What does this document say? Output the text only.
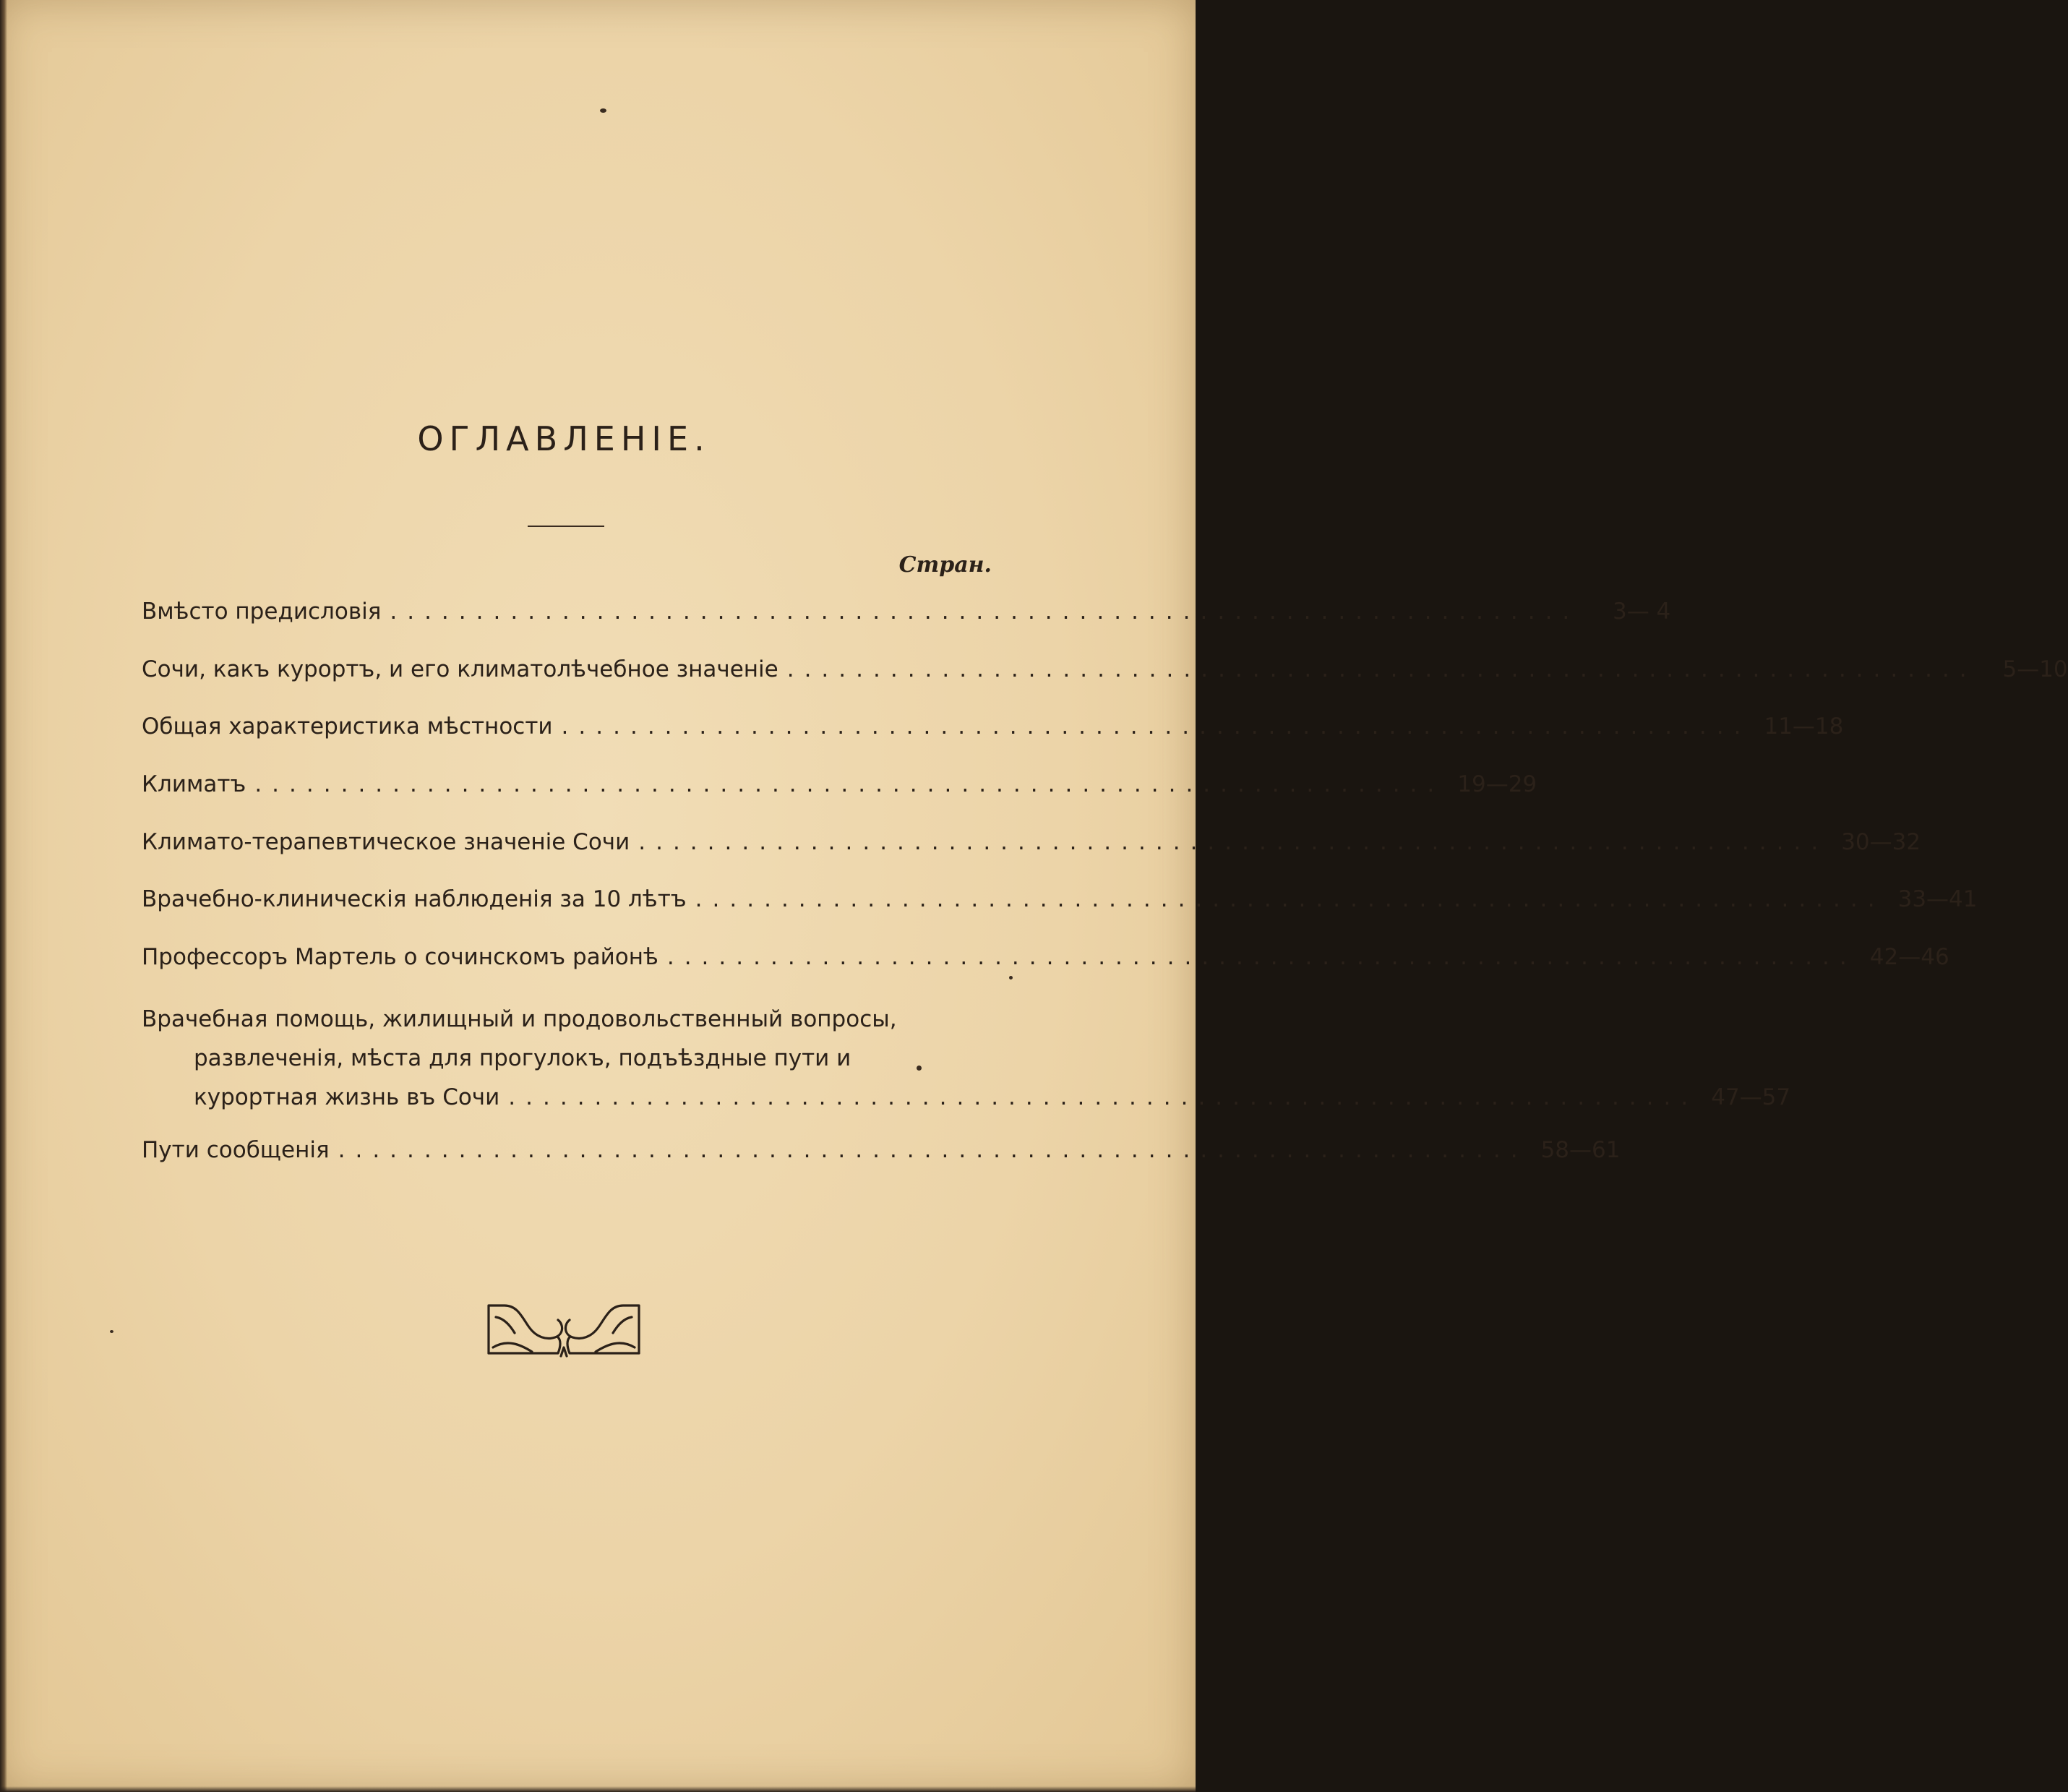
ОГЛАВЛЕНІЕ.
Стран.
Вмѣсто предисловія .....................................................................	3— 4
Сочи, какъ курортъ, и его климатолѣчебное значеніе .....................................................................	5—10
Общая характеристика мѣстности ..................................................................... 11—18
Климатъ ..................................................................... 19—29
Климато-терапевтическое значеніе Сочи ..................................................................... 30—32
Врачебно-клиническія наблюденія за 10 лѣтъ ..................................................................... 33—41
Профессоръ Мартель о сочинскомъ районѣ ..................................................................... 42—46
Врачебная помощь, жилищный и продовольственный вопросы,
развлеченія, мѣста для прогулокъ, подъѣздные пути и
курортная жизнь въ Сочи ..................................................................... 47—57
Пути сообщенія ..................................................................... 58—61
